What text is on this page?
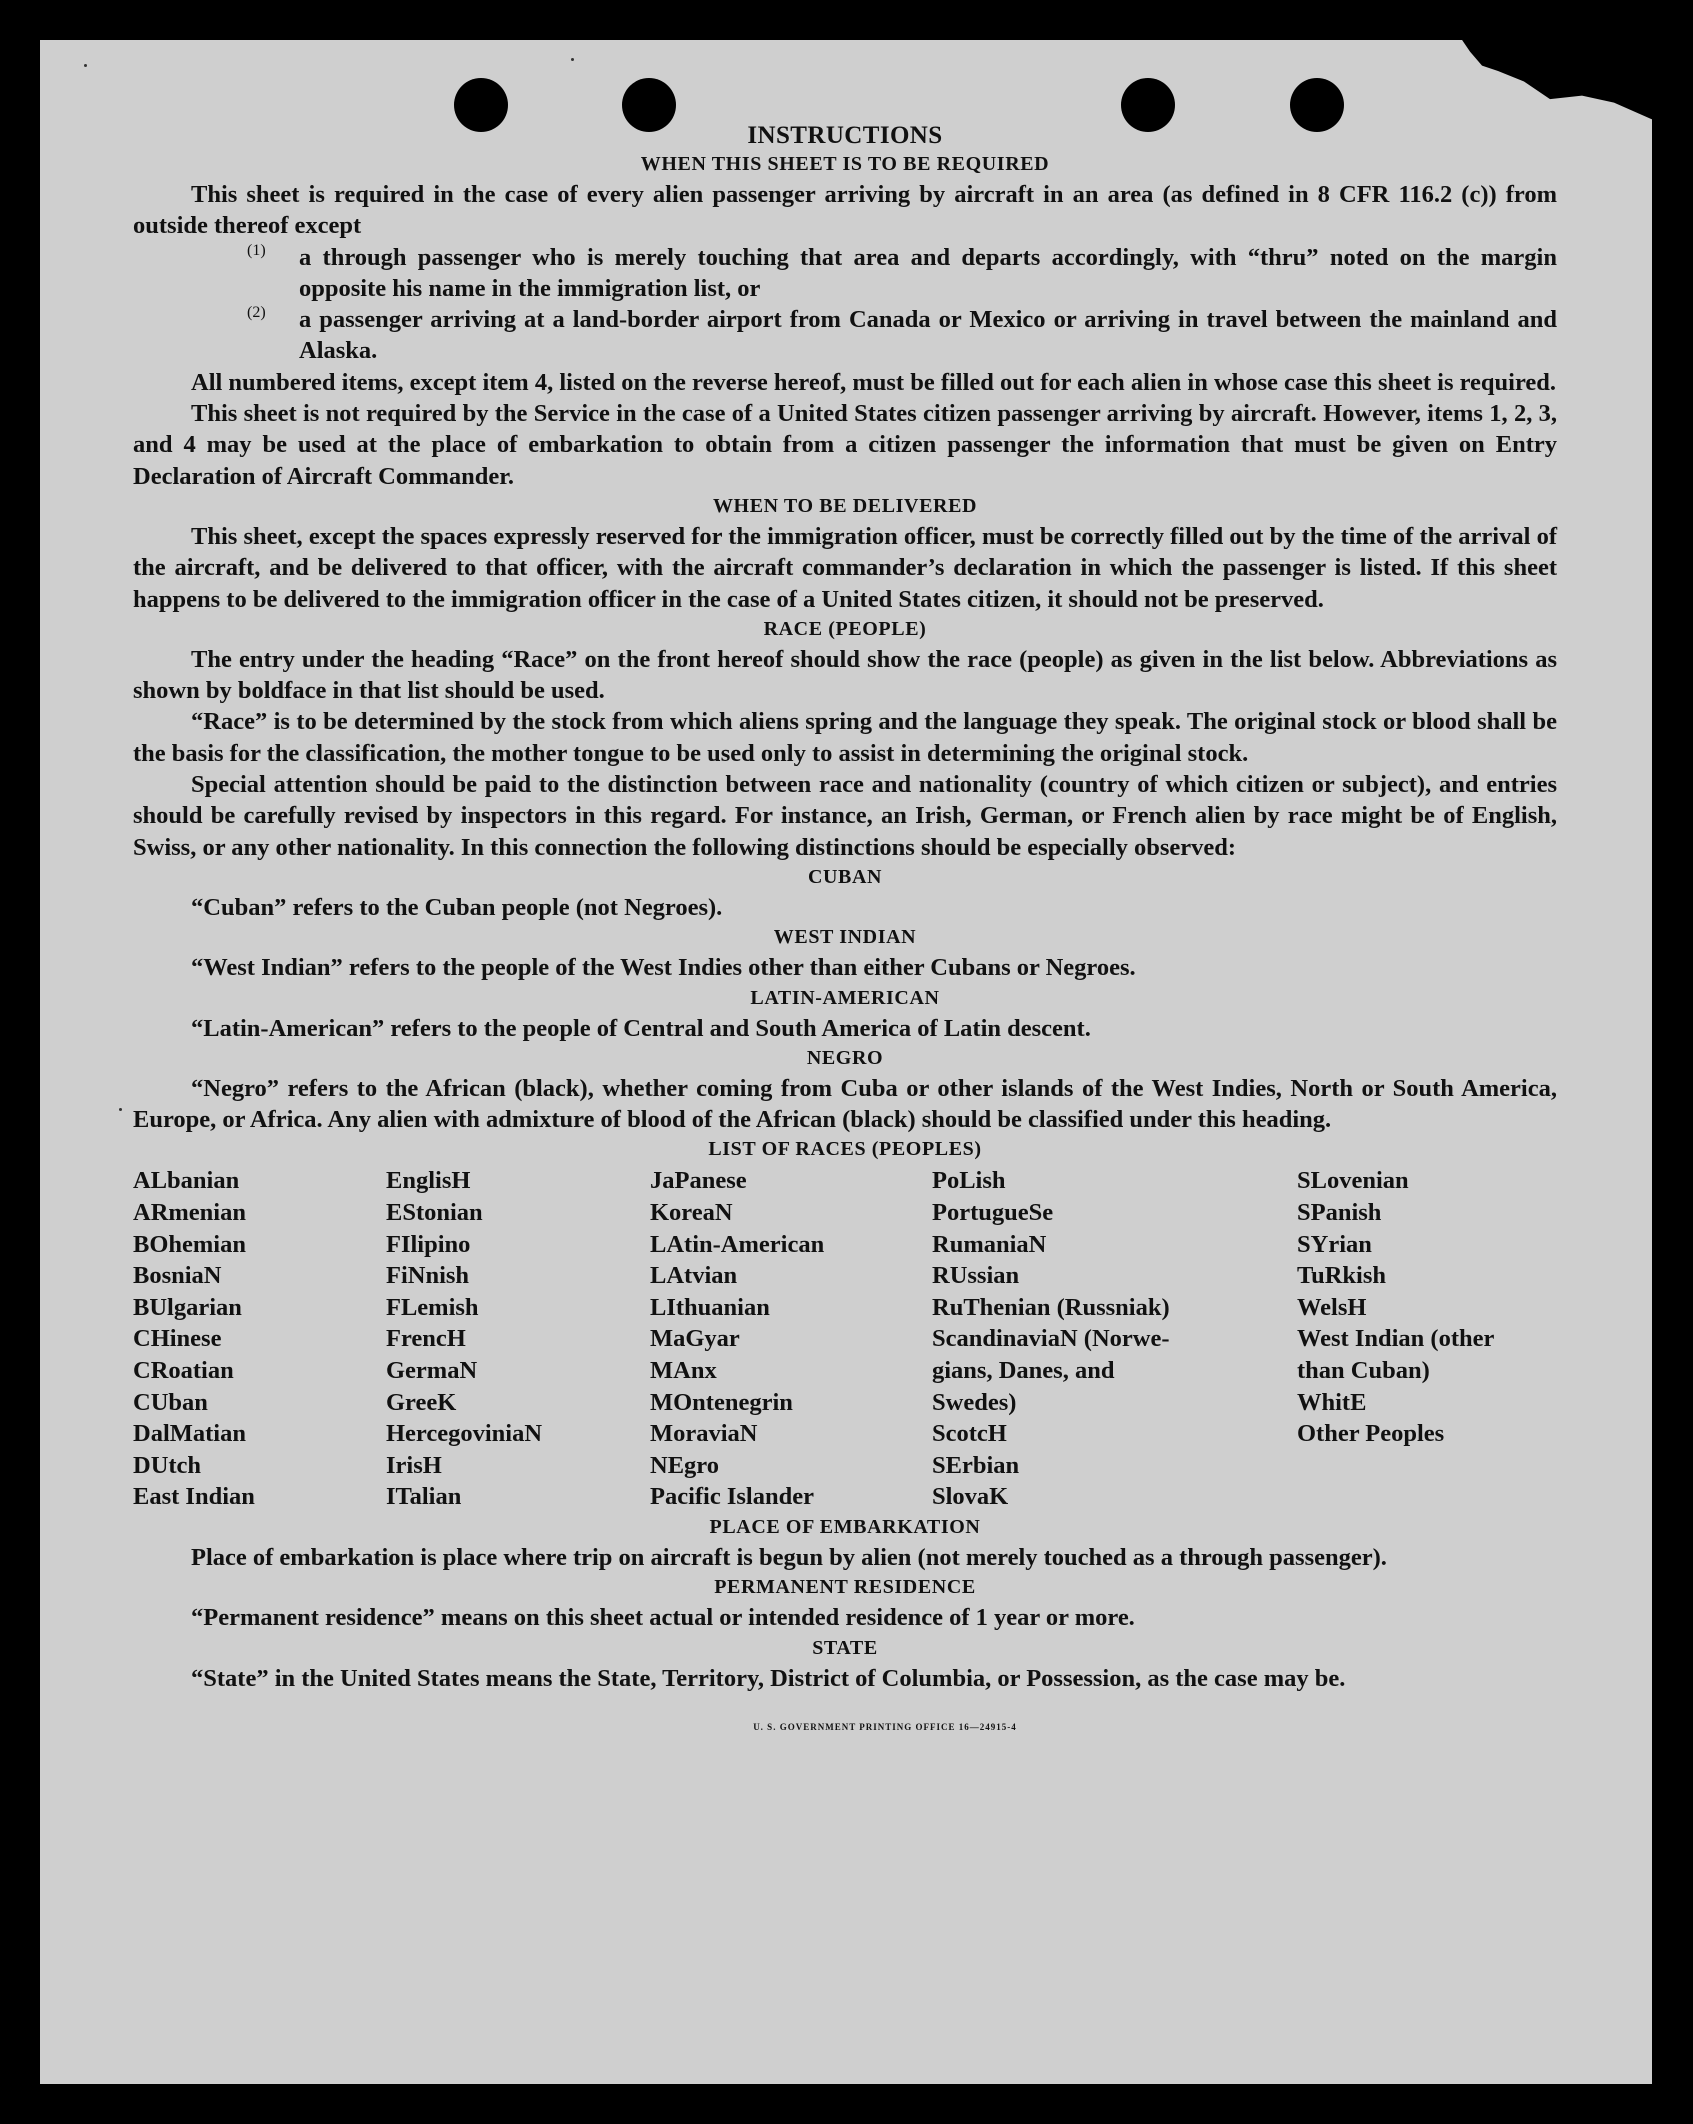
INSTRUCTIONS
WHEN THIS SHEET IS TO BE REQUIRED

This sheet is required in the case of every alien passenger arriving by aircraft in an area (as defined in 8 CFR 116.2 (c)) from outside thereof except

(1)	a through passenger who is merely touching that area and departs accordingly, with “thru” noted on the margin opposite his name in the immigration list, or

(2)	a passenger arriving at a land-border airport from Canada or Mexico or arriving in travel between the mainland and Alaska.

All numbered items, except item 4, listed on the reverse hereof, must be filled out for each alien in whose case this sheet is required.

This sheet is not required by the Service in the case of a United States citizen passenger arriving by aircraft. However, items 1, 2, 3, and 4 may be used at the place of embarkation to obtain from a citizen passenger the information that must be given on Entry Declaration of Aircraft Commander.

WHEN TO BE DELIVERED

This sheet, except the spaces expressly reserved for the immigration officer, must be correctly filled out by the time of the arrival of the aircraft, and be delivered to that officer, with the aircraft commander’s declaration in which the passenger is listed. If this sheet happens to be delivered to the immigration officer in the case of a United States citizen, it should not be preserved.

RACE (PEOPLE)

The entry under the heading “Race” on the front hereof should show the race (people) as given in the list below. Abbreviations as shown by boldface in that list should be used.

“Race” is to be determined by the stock from which aliens spring and the language they speak. The original stock or blood shall be the basis for the classification, the mother tongue to be used only to assist in determining the original stock.

Special attention should be paid to the distinction between race and nationality (country of which citizen or subject), and entries should be carefully revised by inspectors in this regard. For instance, an Irish, German, or French alien by race might be of English, Swiss, or any other nationality. In this connection the following distinctions should be especially observed:

CUBAN

“Cuban” refers to the Cuban people (not Negroes).

WEST INDIAN

“West Indian” refers to the people of the West Indies other than either Cubans or Negroes.

LATIN-AMERICAN

“Latin-American” refers to the people of Central and South America of Latin descent.

NEGRO

“Negro” refers to the African (black), whether coming from Cuba or other islands of the West Indies, North or South America, Europe, or Africa. Any alien with admixture of blood of the African (black) should be classified under this heading.

LIST OF RACES (PEOPLES)
ALbanian
ARmenian
BOhemian
BosniaN
BUlgarian
CHinese
CRoatian
CUban
DalMatian
DUtch
East Indian
EnglisH
EStonian
FIlipino
FiNnish
FLemish
FrencH
GermaN
GreeK
HercegoviniaN
IrisH
ITalian
JaPanese
KoreaN
LAtin-American
LAtvian
LIthuanian
MaGyar
MAnx
MOntenegrin
MoraviaN
NEgro
Pacific Islander
PoLish
PortugueSe
RumaniaN
RUssian
RuThenian (Russniak)
ScandinaviaN (Norwe-
gians, Danes, and
Swedes)
ScotcH
SErbian
SlovaK
SLovenian
SPanish
SYrian
TuRkish
WelsH
West Indian (other
than Cuban)
WhitE
Other Peoples
PLACE OF EMBARKATION

Place of embarkation is place where trip on aircraft is begun by alien (not merely touched as a through passenger).

PERMANENT RESIDENCE

“Permanent residence” means on this sheet actual or intended residence of 1 year or more.

STATE

“State” in the United States means the State, Territory, District of Columbia, or Possession, as the case may be.

U. S. GOVERNMENT PRINTING OFFICE 16—24915-4
